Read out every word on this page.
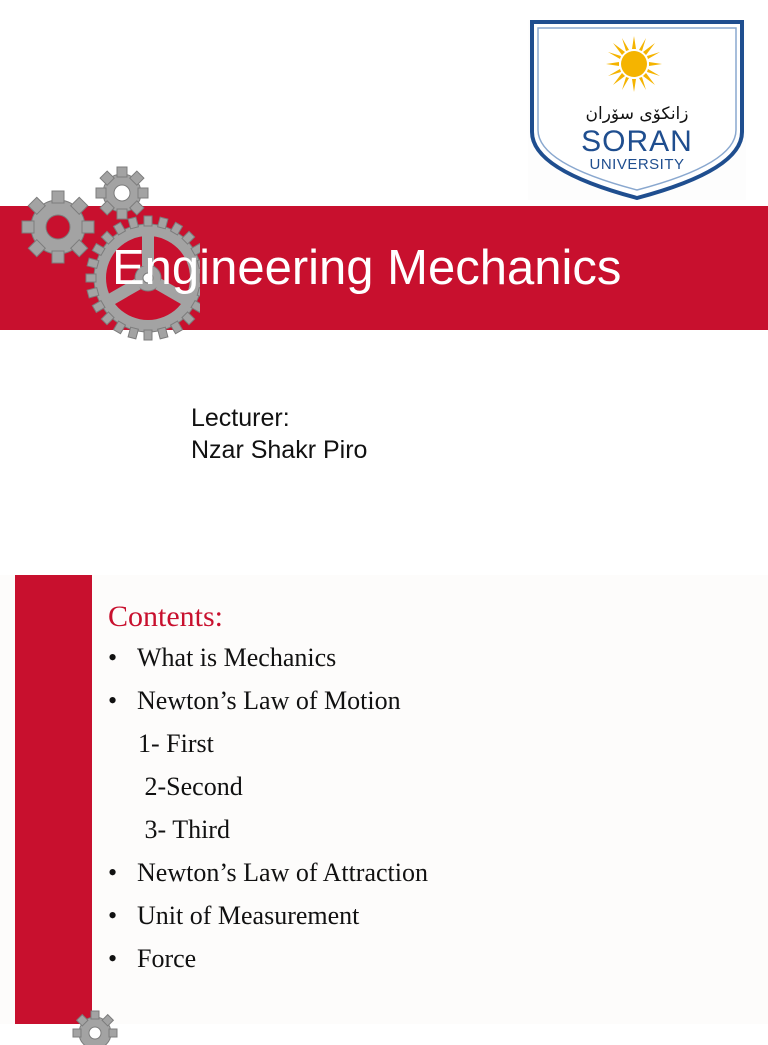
زانكۆی سۆران
SORAN
UNIVERSITY
Engineering Mechanics
Lecturer:
Nzar Shakr Piro
Contents:
• What is Mechanics
• Newton’s Law of Motion
1- First
2-Second
3- Third
• Newton’s Law of Attraction
• Unit of Measurement
• Force
